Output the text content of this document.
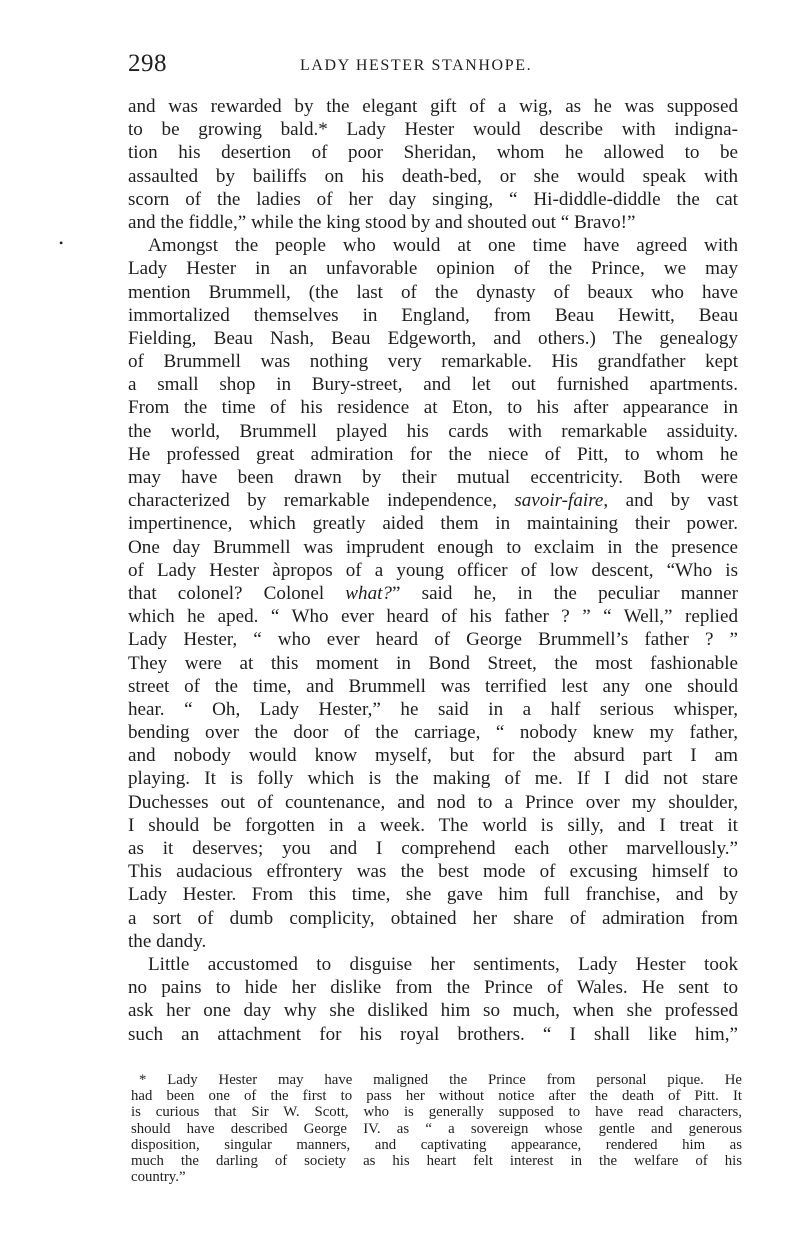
298	LADY HESTER STANHOPE.
•
and was rewarded by the elegant gift of a wig, as he was supposed
to be growing bald.* Lady Hester would describe with indigna-
tion his desertion of poor Sheridan, whom he allowed to be
assaulted by bailiffs on his death-bed, or she would speak with
scorn of the ladies of her day singing, “ Hi-diddle-diddle the cat
and the fiddle,” while the king stood by and shouted out “ Bravo!”
Amongst the people who would at one time have agreed with
Lady Hester in an unfavorable opinion of the Prince, we may
mention Brummell, (the last of the dynasty of beaux who have
immortalized themselves in England, from Beau Hewitt, Beau
Fielding, Beau Nash, Beau Edgeworth, and others.) The genealogy
of Brummell was nothing very remarkable. His grandfather kept
a small shop in Bury-street, and let out furnished apartments.
From the time of his residence at Eton, to his after appearance in
the world, Brummell played his cards with remarkable assiduity.
He professed great admiration for the niece of Pitt, to whom he
may have been drawn by their mutual eccentricity. Both were
characterized by remarkable independence, savoir-faire, and by vast
impertinence, which greatly aided them in maintaining their power.
One day Brummell was imprudent enough to exclaim in the presence
of Lady Hester àpropos of a young officer of low descent, “Who is
that colonel? Colonel what?” said he, in the peculiar manner
which he aped. “ Who ever heard of his father ? ” “ Well,” replied
Lady Hester, “ who ever heard of George Brummell’s father ? ”
They were at this moment in Bond Street, the most fashionable
street of the time, and Brummell was terrified lest any one should
hear. “ Oh, Lady Hester,” he said in a half serious whisper,
bending over the door of the carriage, “ nobody knew my father,
and nobody would know myself, but for the absurd part I am
playing. It is folly which is the making of me. If I did not stare
Duchesses out of countenance, and nod to a Prince over my shoulder,
I should be forgotten in a week. The world is silly, and I treat it
as it deserves; you and I comprehend each other marvellously.”
This audacious effrontery was the best mode of excusing himself to
Lady Hester. From this time, she gave him full franchise, and by
a sort of dumb complicity, obtained her share of admiration from
the dandy.
Little accustomed to disguise her sentiments, Lady Hester took
no pains to hide her dislike from the Prince of Wales. He sent to
ask her one day why she disliked him so much, when she professed
such an attachment for his royal brothers. “ I shall like him,”
* Lady Hester may have maligned the Prince from personal pique. He
had been one of the first to pass her without notice after the death of Pitt. It
is curious that Sir W. Scott, who is generally supposed to have read characters,
should have described George IV. as “ a sovereign whose gentle and generous
disposition, singular manners, and captivating appearance, rendered him as
much the darling of society as his heart felt interest in the welfare of his
country.”
